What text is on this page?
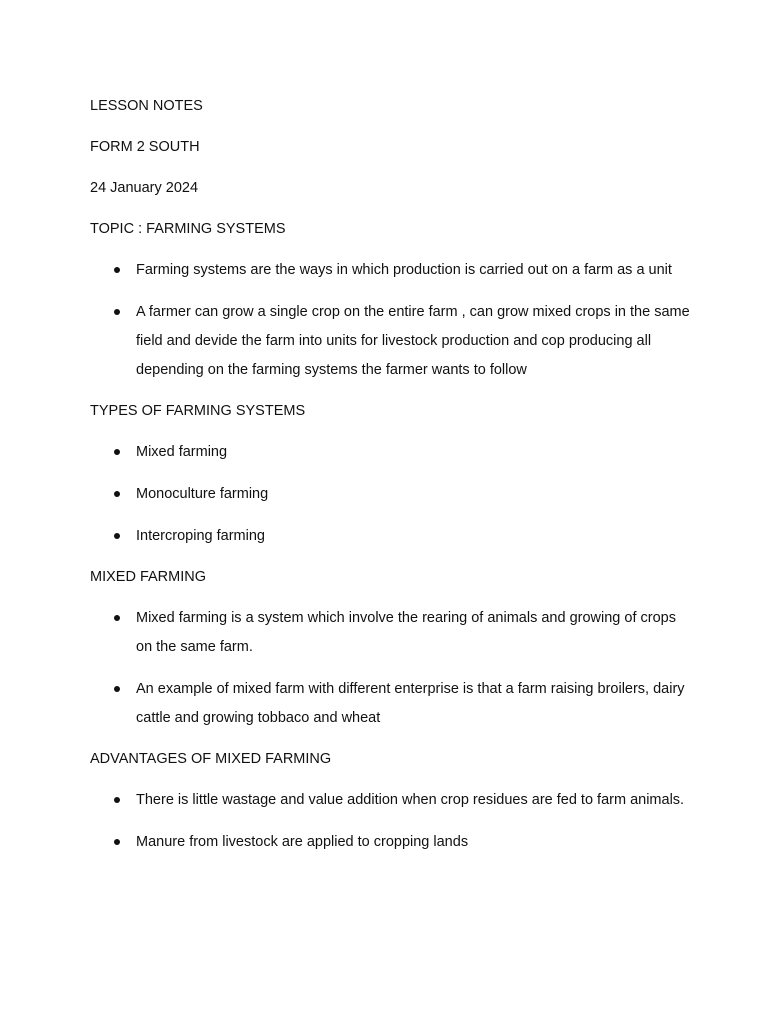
LESSON NOTES
FORM 2 SOUTH
24 January 2024
TOPIC : FARMING SYSTEMS
Farming systems are the ways in which production is carried out on a farm as a unit
A farmer can grow a single crop on the entire farm , can grow mixed crops in the same field and devide the farm into units for livestock production and cop producing all depending on the farming systems the farmer wants to follow
TYPES OF FARMING SYSTEMS
Mixed farming
Monoculture farming
Intercroping farming
MIXED FARMING
Mixed farming is a system which involve the rearing of animals and growing of crops on the same farm.
An example of mixed farm with different enterprise is that a farm raising broilers, dairy cattle and growing tobbaco and wheat
ADVANTAGES OF MIXED FARMING
There is little wastage and value addition when crop residues are fed to farm animals.
Manure from livestock are applied to cropping lands
